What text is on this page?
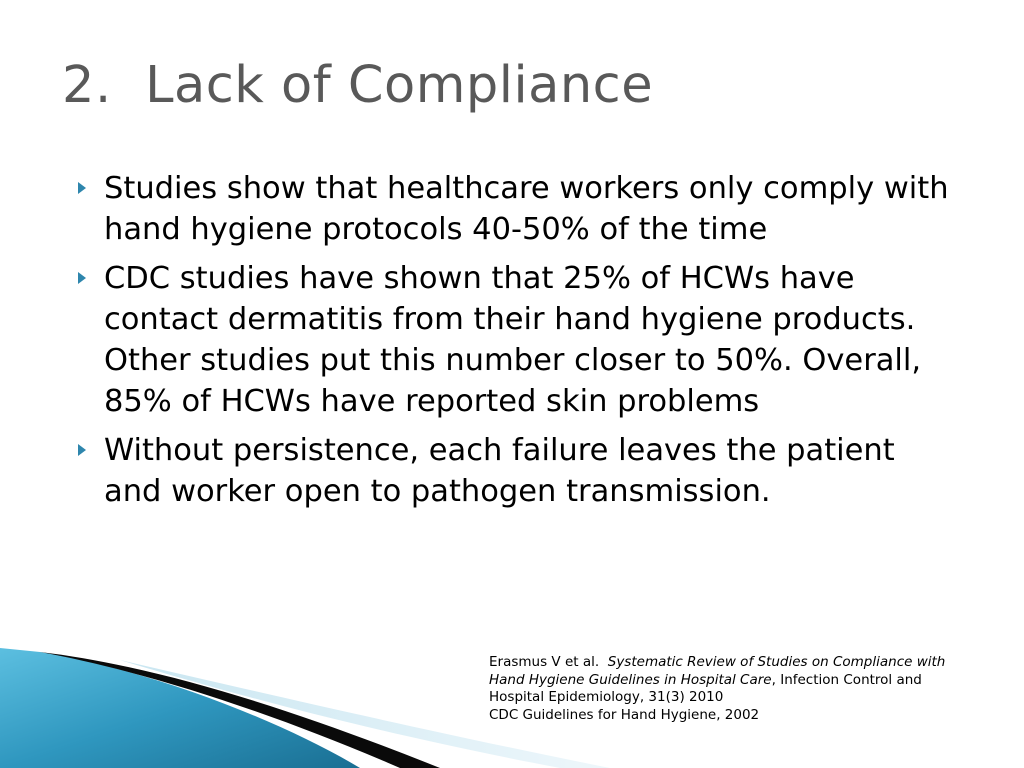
2.  Lack of Compliance
Studies show that healthcare workers only comply with hand hygiene protocols 40-50% of the time
CDC studies have shown that 25% of HCWs have contact dermatitis from their hand hygiene products. Other studies put this number closer to 50%. Overall, 85% of HCWs have reported skin problems
Without persistence, each failure leaves the patient and worker open to pathogen transmission.

Erasmus V et al. Systematic Review of Studies on Compliance with Hand Hygiene Guidelines in Hospital Care, Infection Control and Hospital Epidemiology, 31(3) 2010

CDC Guidelines for Hand Hygiene, 2002
